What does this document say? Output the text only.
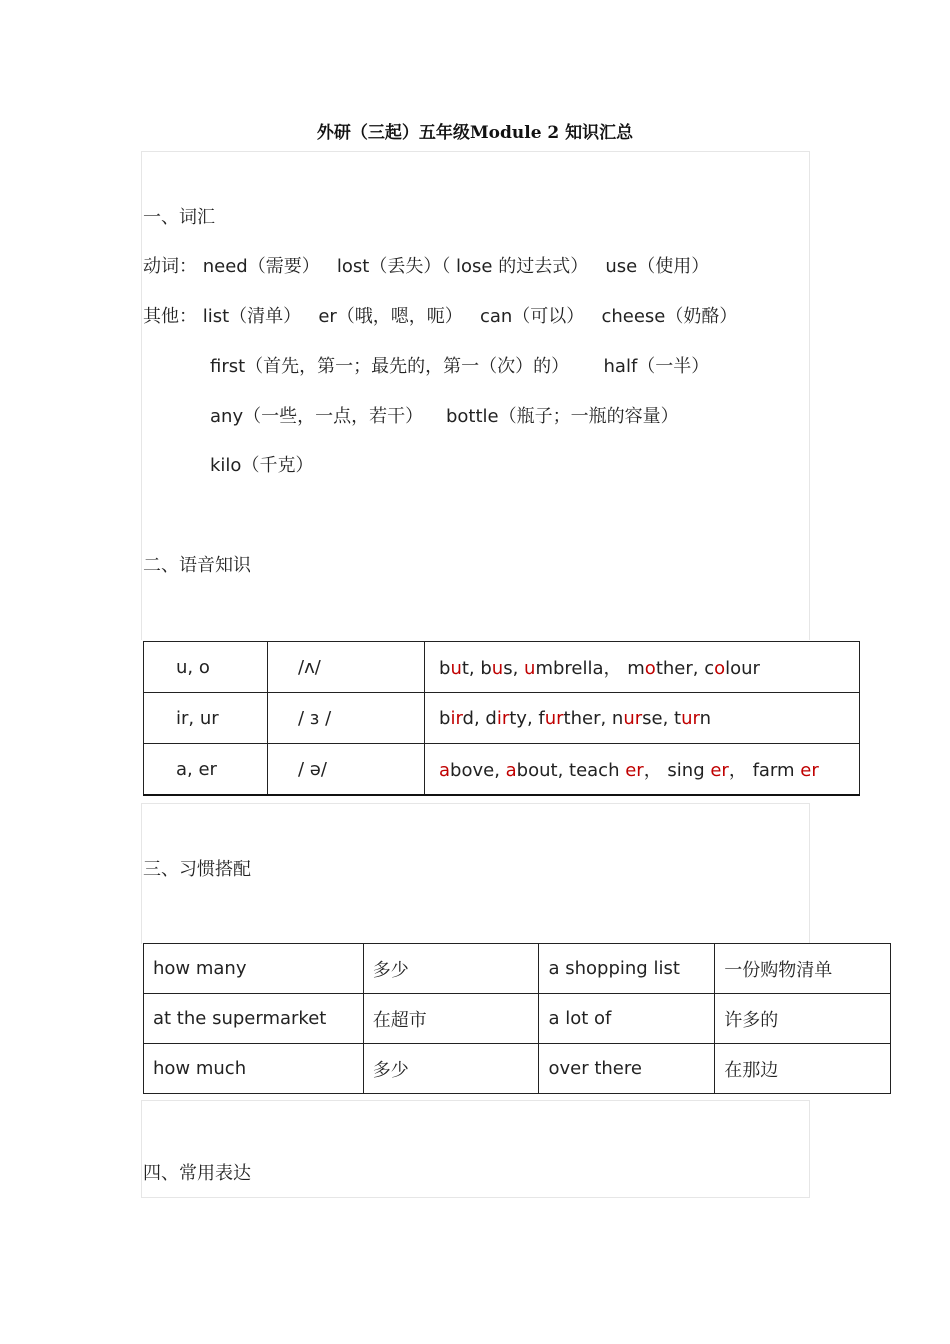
外研（三起）五年级Module 2 知识汇总
一、词汇
动词： need（需要）   lost（丢失）（ lose 的过去式）   use（使用）
其他： list（清单）   er（哦，嗯，呃）   can（可以）   cheese（奶酪）
first（首先，第一；最先的，第一（次）的）      half（一半）
any（一些，一点，若干）    bottle（瓶子；一瓶的容量）
kilo（千克）
二、语音知识
u, o	/ʌ/	but, bus, umbrella， mother, colour
ir, ur	/ ɜ /	bird, dirty, further, nurse, turn
a, er	/ ə/	above, about, teach er， sing er， farm er
三、习惯搭配
how many	多少	a shopping list	一份购物清单
at the supermarket	在超市	a lot of	许多的
how much	多少	over there	在那边
四、常用表达
